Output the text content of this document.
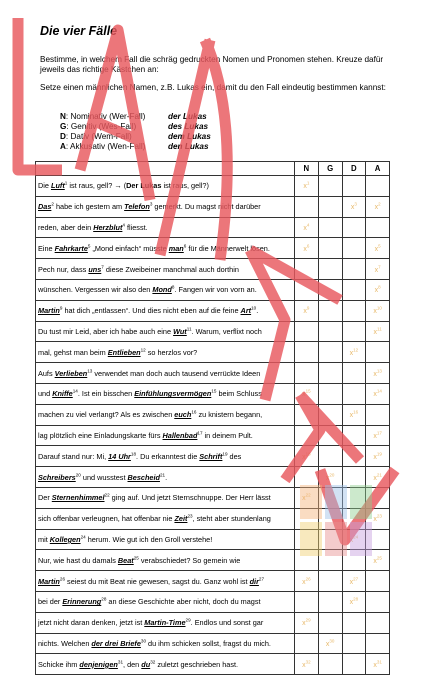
Die vier Fälle

Bestimme, in welchem Fall die schräg gedruckten Nomen und Pronomen stehen. Kreuze dafür jeweils das richtige Kästchen an:

Setze einen männlichen Namen, z.B. Lukas ein, damit du den Fall eindeutig bestimmen kannst:

N: Nominativ (Wer-Fall)	der Lukas
G: Genitiv (Wes-Fall)	des Lukas
D: Dativ (Wem-Fall)	dem Lukas
A: Akkusativ (Wen-Fall)	den Lukas
	N	G	D	A
Die Luft$^1$ ist raus, gell? → (Der Lukas ist raus, gell?)	$x^1$			
Das$^2$ habe ich gestern am Telefon$^3$ gemerkt. Du magst nicht darüber			$x^3$	$x^2$
reden, aber dein Herzblut$^4$ fliesst.	$x^4$			
Eine Fahrkarte$^5$ „Mond einfach“ müsste man$^6$ für die Männerwelt lösen.	$x^6$			$x^5$
Pech nur, dass uns$^7$ diese Zweibeiner manchmal auch dorthin				$x^7$
wünschen. Vergessen wir also den Mond$^8$. Fangen wir von vorn an.				$x^8$
Martin$^9$ hat dich „entlassen“. Und dies nicht eben auf die feine Art$^{10}$.	$x^9$			$x^{10}$
Du tust mir Leid, aber ich habe auch eine Wut$^{11}$. Warum, verflixt noch				$x^{11}$
mal, gehst man beim Entlieben$^{12}$ so herzlos vor?			$x^{12}$	
Aufs Verlieben$^{13}$ verwendet man doch auch tausend verrückte Ideen				$x^{13}$
und Kniffe$^{14}$. Ist ein bisschen Einfühlungsvermögen$^{15}$ beim Schluss	$x^{15}$			$x^{14}$
machen zu viel verlangt? Als es zwischen euch$^{16}$ zu knistern begann,			$x^{16}$	
lag plötzlich eine Einladungskarte fürs Hallenbad$^{17}$ in deinem Pult.				$x^{17}$
Darauf stand nur: Mi, 14 Uhr$^{18}$. Du erkanntest die Schrift$^{19}$ des	$x^{18}$			$x^{19}$
Schreibers$^{20}$ und wusstest Bescheid$^{21}$.		$x^{20}$		$x^{21}$
Der Sternenhimmel$^{22}$ ging auf. Und jetzt Sternschnuppe. Der Herr lässt	$x^{22}$			
sich offenbar verleugnen, hat offenbar nie Zeit$^{23}$, steht aber stundenlang				$x^{23}$
mit Kollegen$^{24}$ herum. Wie gut ich den Groll verstehe!			$x^{24}$	
Nur, wie hast du damals Beat$^{25}$ verabschiedet? So gemein wie				$x^{25}$
Martin$^{26}$ seiest du mit Beat nie gewesen, sagst du. Ganz wohl ist dir$^{27}$	$x^{26}$		$x^{27}$	
bei der Erinnerung$^{28}$ an diese Geschichte aber nicht, doch du magst			$x^{28}$	
jetzt nicht daran denken, jetzt ist Martin-Time$^{29}$. Endlos und sonst gar	$x^{29}$			
nichts. Welchen der drei Briefe$^{30}$ du ihm schicken sollst, fragst du mich.		$x^{30}$		
Schicke ihm denjenigen$^{31}$, den $du^{32}$ zuletzt geschrieben hast.	$x^{32}$			$x^{31}$
